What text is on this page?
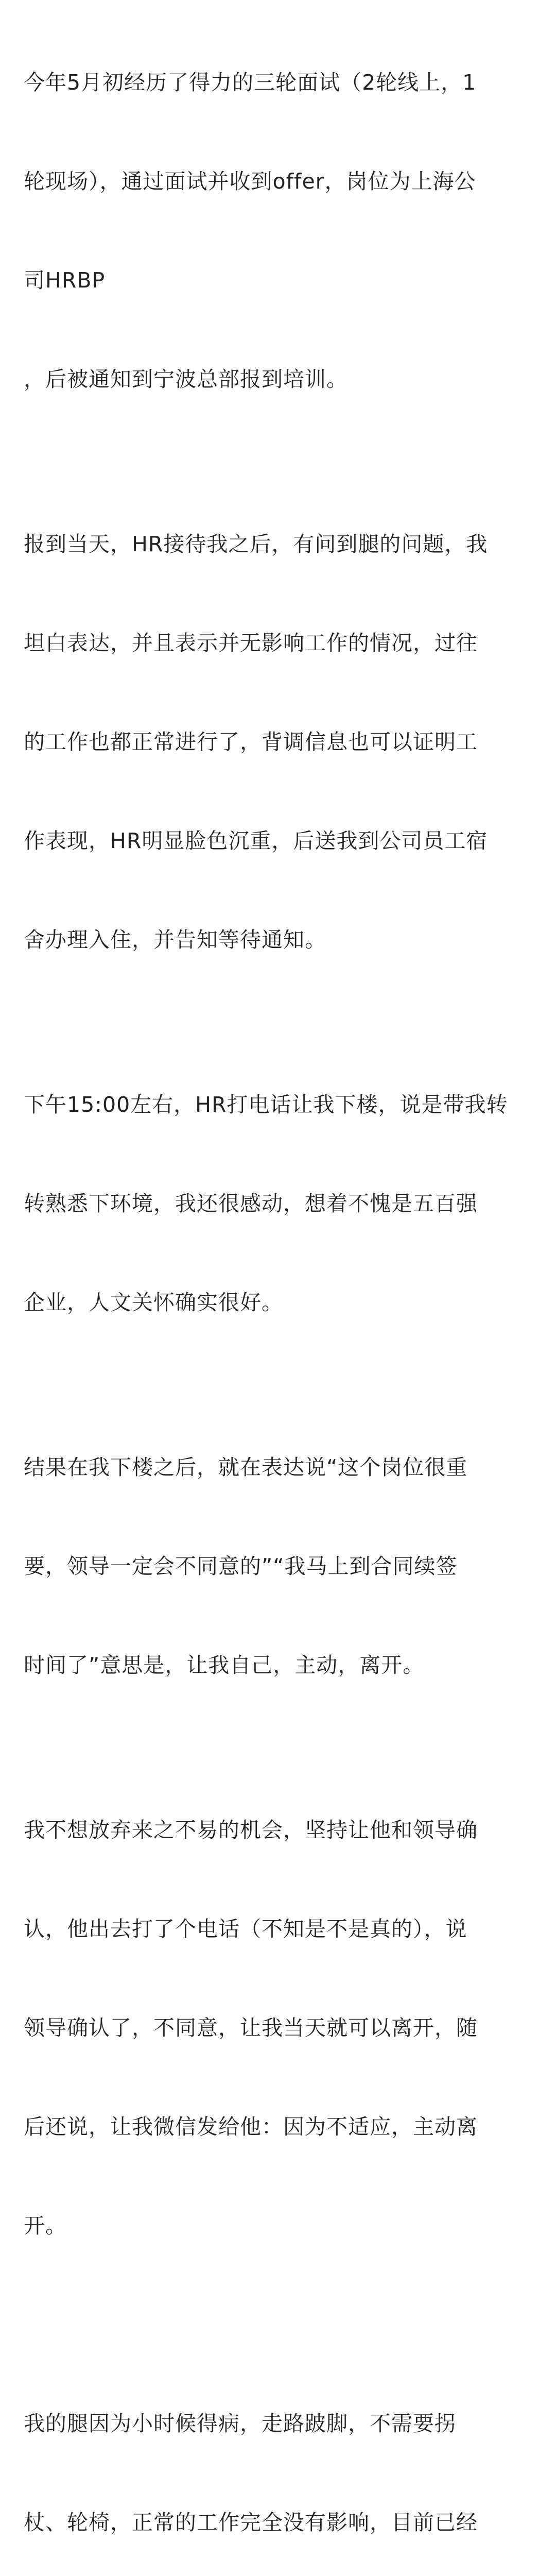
今年5月初经历了得力的三轮面试（2轮线上，1

轮现场），通过面试并收到offer，岗位为上海公

司HRBP

，后被通知到宁波总部报到培训。

报到当天，HR接待我之后，有问到腿的问题，我

坦白表达，并且表示并无影响工作的情况，过往

的工作也都正常进行了，背调信息也可以证明工

作表现，HR明显脸色沉重，后送我到公司员工宿

舍办理入住，并告知等待通知。

下午15:00左右，HR打电话让我下楼，说是带我转

转熟悉下环境，我还很感动，想着不愧是五百强

企业，人文关怀确实很好。

结果在我下楼之后，就在表达说“这个岗位很重

要，领导一定会不同意的”“我马上到合同续签

时间了”意思是，让我自己，主动，离开。

我不想放弃来之不易的机会，坚持让他和领导确

认，他出去打了个电话（不知是不是真的），说

领导确认了，不同意，让我当天就可以离开，随

后还说，让我微信发给他：因为不适应，主动离

开。

我的腿因为小时候得病，走路跛脚，不需要拐

杖、轮椅，正常的工作完全没有影响，目前已经
